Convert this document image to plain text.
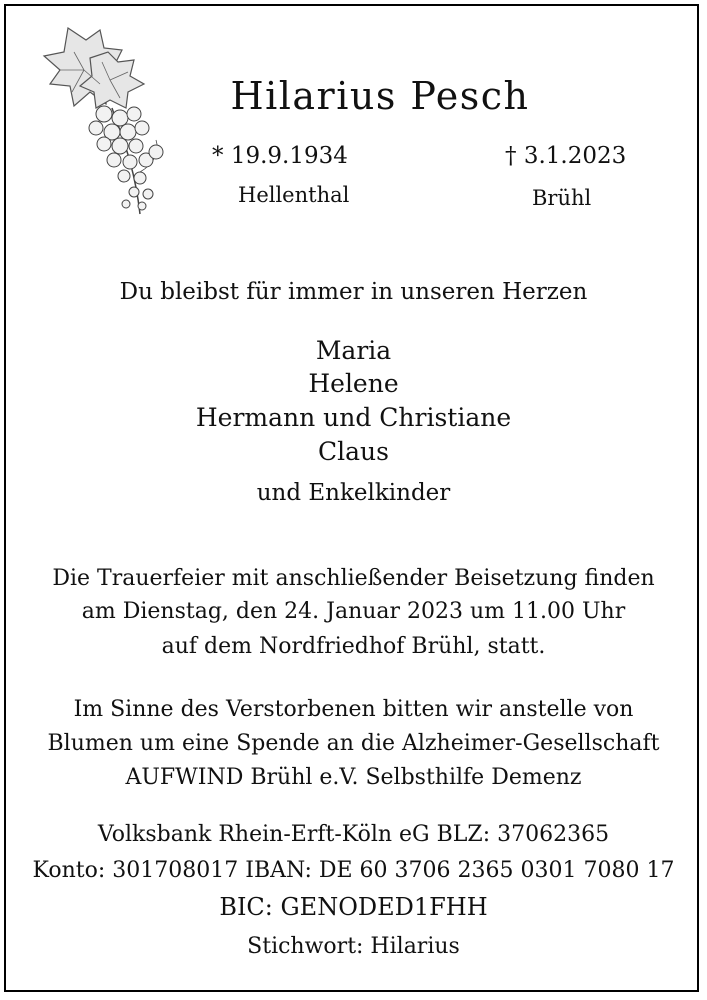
Hilarius Pesch
* 19.9.1934
Hellenthal
† 3.1.2023
Brühl
Du bleibst für immer in unseren Herzen
Maria
Helene
Hermann und Christiane
Claus
und Enkelkinder
Die Trauerfeier mit anschließender Beisetzung finden
am Dienstag, den 24. Januar 2023 um 11.00 Uhr
auf dem Nordfriedhof Brühl, statt.
Im Sinne des Verstorbenen bitten wir anstelle von
Blumen um eine Spende an die Alzheimer-Gesellschaft
AUFWIND Brühl e.V. Selbsthilfe Demenz
Volksbank Rhein-Erft-Köln eG BLZ: 37062365
Konto: 301708017 IBAN: DE 60 3706 2365 0301 7080 17
BIC: GENODED1FHH
Stichwort: Hilarius
